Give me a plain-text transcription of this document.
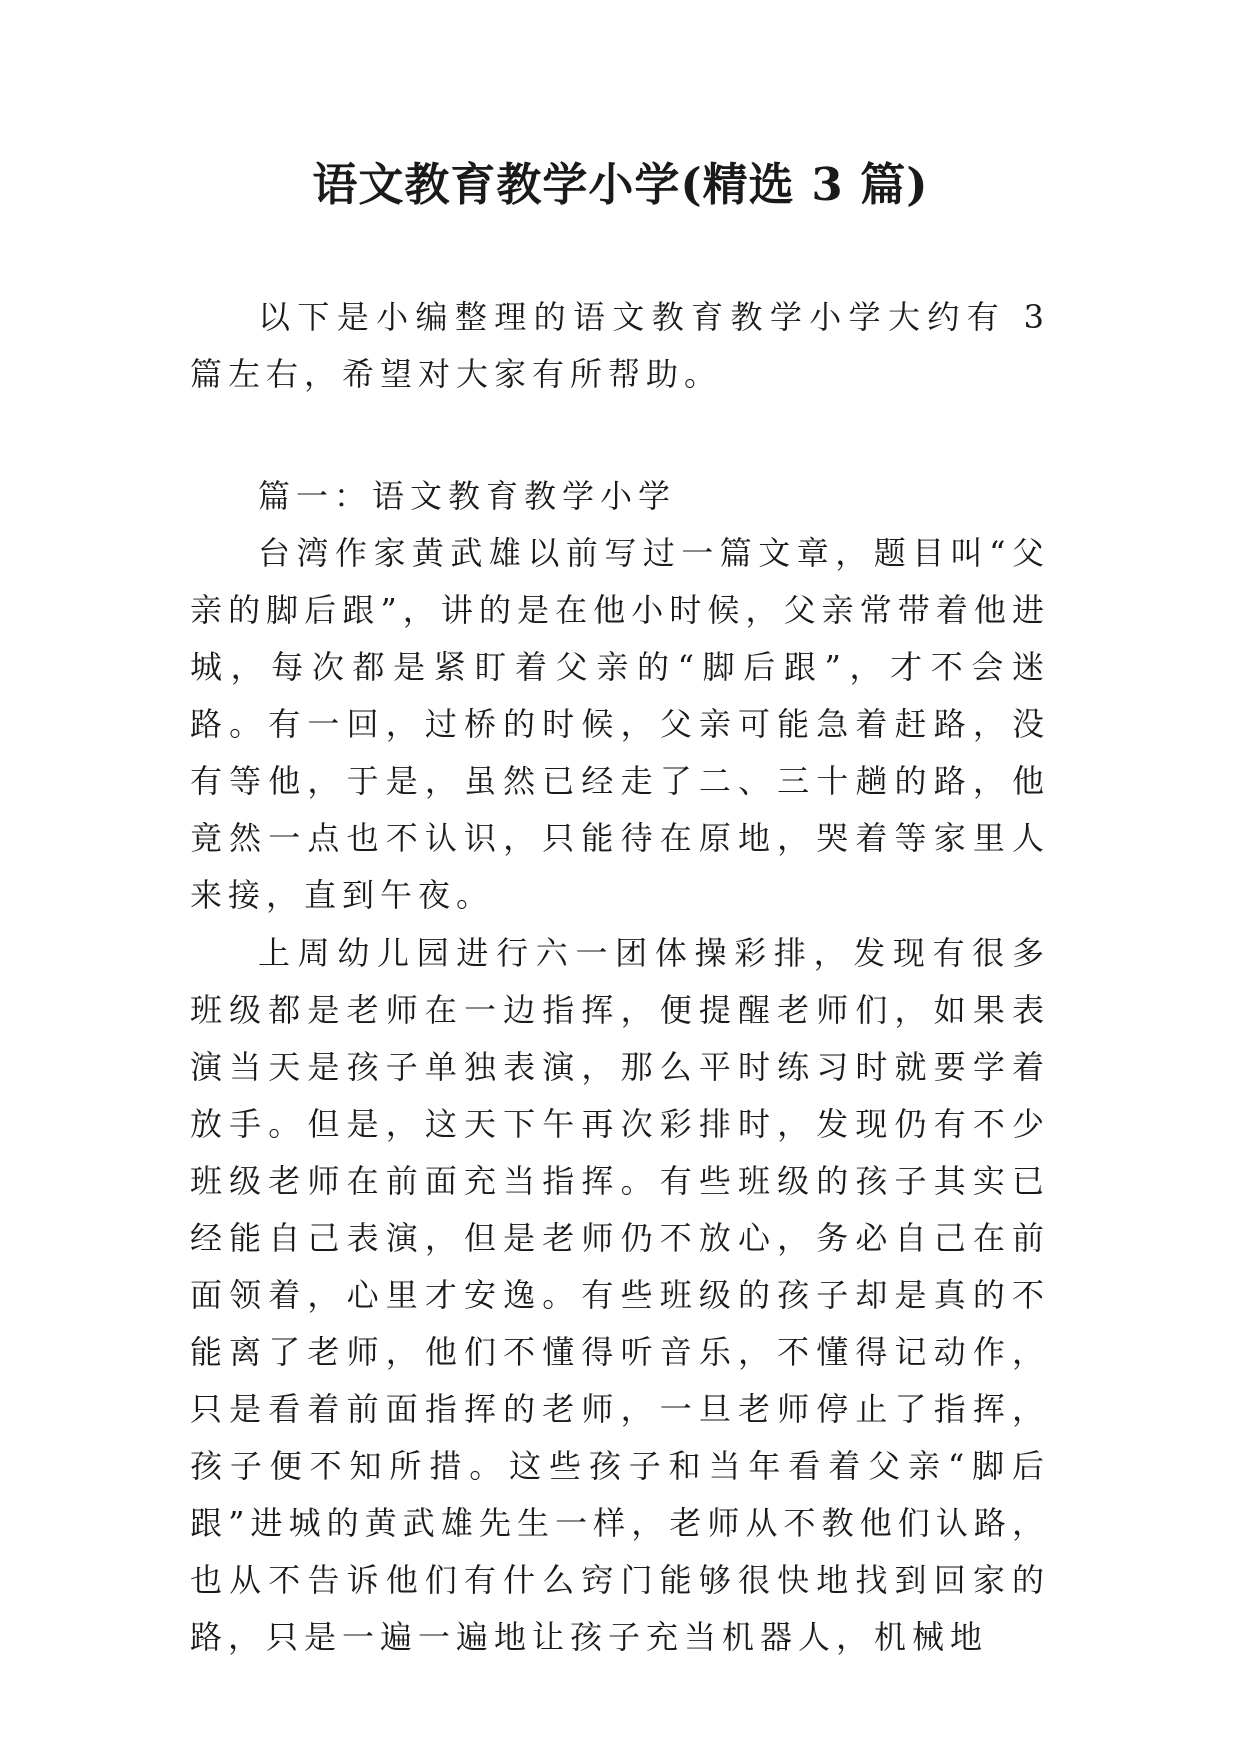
语文教育教学小学(精选 3 篇)

以下是小编整理的语文教育教学小学大约有 3 篇左右，希望对大家有所帮助。

篇一：语文教育教学小学

台湾作家黄武雄以前写过一篇文章，题目叫“父亲的脚后跟”，讲的是在他小时候，父亲常带着他进城，每次都是紧盯着父亲的“脚后跟”，才不会迷路。有一回，过桥的时候，父亲可能急着赶路，没有等他，于是，虽然已经走了二、三十趟的路，他竟然一点也不认识，只能待在原地，哭着等家里人来接，直到午夜。

上周幼儿园进行六一团体操彩排，发现有很多班级都是老师在一边指挥，便提醒老师们，如果表演当天是孩子单独表演，那么平时练习时就要学着放手。但是，这天下午再次彩排时，发现仍有不少班级老师在前面充当指挥。有些班级的孩子其实已经能自己表演，但是老师仍不放心，务必自己在前面领着，心里才安逸。有些班级的孩子却是真的不能离了老师，他们不懂得听音乐，不懂得记动作，只是看着前面指挥的老师，一旦老师停止了指挥，孩子便不知所措。这些孩子和当年看着父亲“脚后跟”进城的黄武雄先生一样，老师从不教他们认路，也从不告诉他们有什么窍门能够很快地找到回家的路，只是一遍一遍地让孩子充当机器人，机械地
